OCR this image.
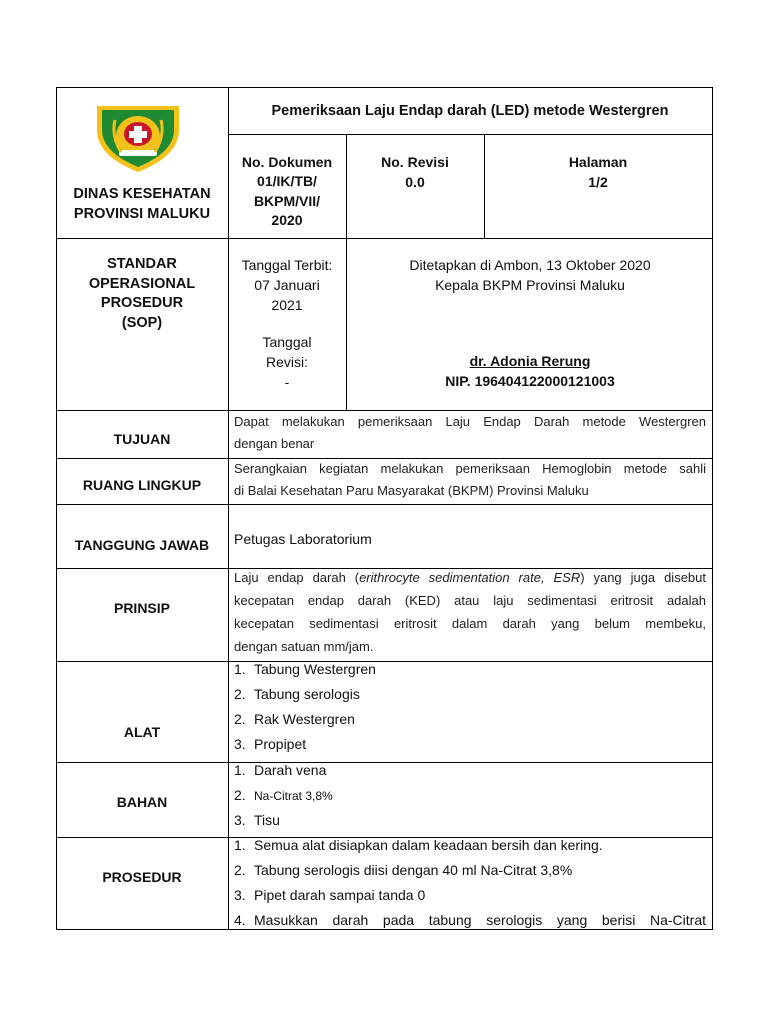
DINAS KESEHATAN PROVINSI MALUKU
Pemeriksaan Laju Endap darah (LED) metode Westergren
No. Dokumen
01/IK/TB/ BKPM/VII/ 2020
No. Revisi
0.0
Halaman
1/2
STANDAR OPERASIONAL PROSEDUR (SOP)
Tanggal Terbit:
07 Januari 2021
Tanggal Revisi:
-
Ditetapkan di Ambon, 13 Oktober 2020
Kepala BKPM Provinsi Maluku
dr. Adonia Rerung
NIP. 196404122000121003
TUJUAN
Dapat melakukan pemeriksaan Laju Endap Darah metode Westergren
dengan benar
RUANG LINGKUP
Serangkaian kegiatan melakukan pemeriksaan Hemoglobin metode sahli
di Balai Kesehatan Paru Masyarakat (BKPM) Provinsi Maluku
TANGGUNG JAWAB	Petugas Laboratorium
PRINSIP
Laju endap darah (erithrocyte sedimentation rate, ESR) yang juga disebut
kecepatan endap darah (KED) atau laju sedimentasi eritrosit adalah
kecepatan sedimentasi eritrosit dalam darah yang belum membeku,
dengan satuan mm/jam.
ALAT
1. Tabung Westergren
2. Tabung serologis
2. Rak Westergren
3. Propipet
BAHAN
1. Darah vena
2. Na-Citrat 3,8%
3. Tisu
PROSEDUR
1. Semua alat disiapkan dalam keadaan bersih dan kering.
2. Tabung serologis diisi dengan 40 ml Na-Citrat 3,8%
3. Pipet darah sampai tanda 0
4. Masukkan darah pada tabung serologis yang berisi Na-Citrat
